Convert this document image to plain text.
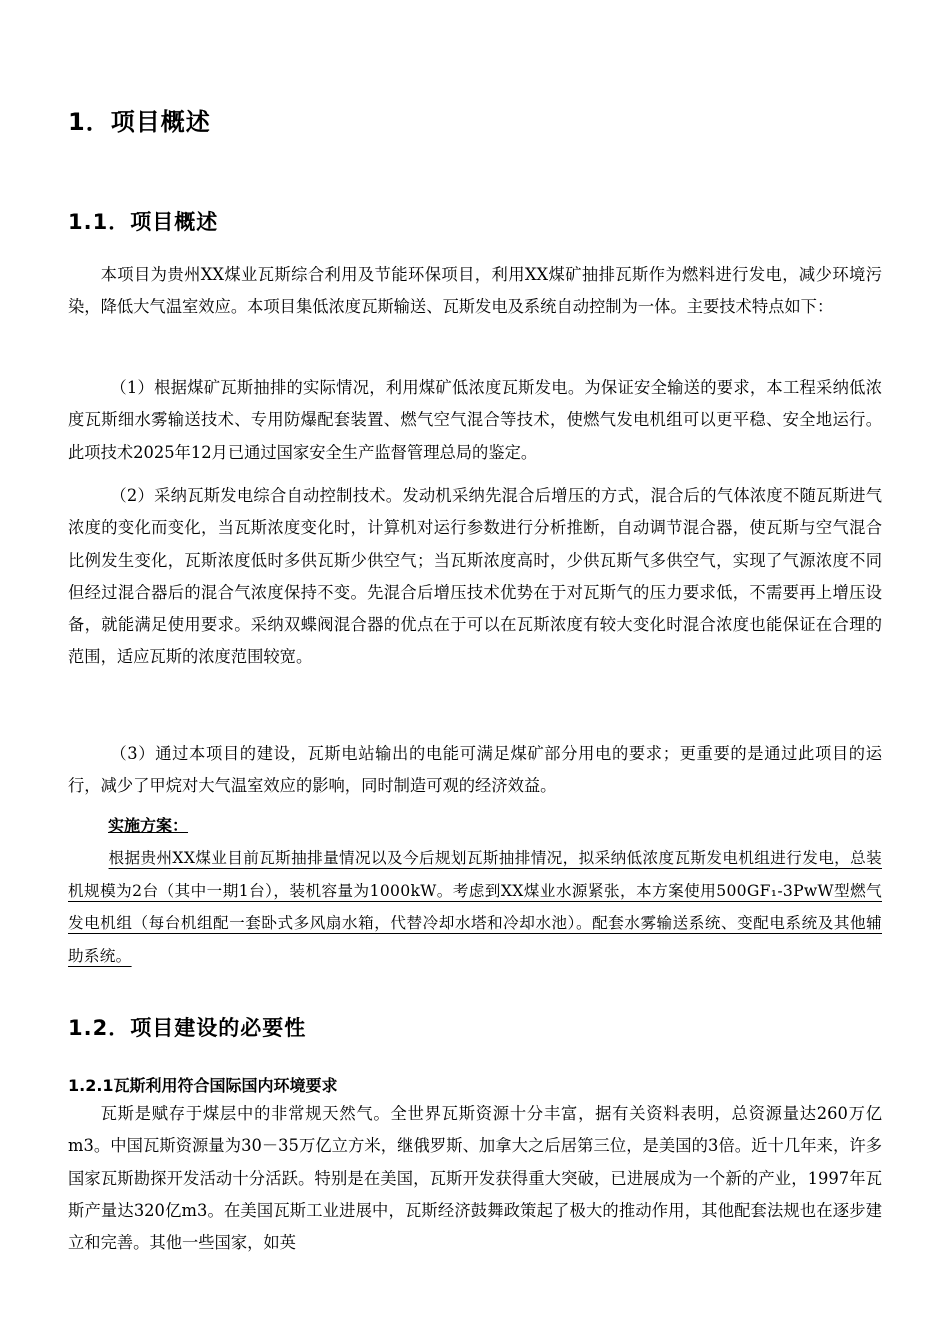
1．项目概述
1.1．项目概述

本项目为贵州XX煤业瓦斯综合利用及节能环保项目，利用XX煤矿抽排瓦斯作为燃料进行发电，减少环境污染，降低大气温室效应。本项目集低浓度瓦斯输送、瓦斯发电及系统自动控制为一体。主要技术特点如下：

（1）根据煤矿瓦斯抽排的实际情况，利用煤矿低浓度瓦斯发电。为保证安全输送的要求，本工程采纳低浓度瓦斯细水雾输送技术、专用防爆配套装置、燃气空气混合等技术，使燃气发电机组可以更平稳、安全地运行。此项技术2025年12月已通过国家安全生产监督管理总局的鉴定。

（2）采纳瓦斯发电综合自动控制技术。发动机采纳先混合后增压的方式，混合后的气体浓度不随瓦斯进气浓度的变化而变化，当瓦斯浓度变化时，计算机对运行参数进行分析推断，自动调节混合器，使瓦斯与空气混合比例发生变化，瓦斯浓度低时多供瓦斯少供空气；当瓦斯浓度高时，少供瓦斯气多供空气，实现了气源浓度不同但经过混合器后的混合气浓度保持不变。先混合后增压技术优势在于对瓦斯气的压力要求低，不需要再上增压设备，就能满足使用要求。采纳双蝶阀混合器的优点在于可以在瓦斯浓度有较大变化时混合浓度也能保证在合理的范围，适应瓦斯的浓度范围较宽。

（3）通过本项目的建设，瓦斯电站输出的电能可满足煤矿部分用电的要求；更重要的是通过此项目的运行，减少了甲烷对大气温室效应的影响，同时制造可观的经济效益。

实施方案：

根据贵州XX煤业目前瓦斯抽排量情况以及今后规划瓦斯抽排情况，拟采纳低浓度瓦斯发电机组进行发电，总装机规模为2台（其中一期1台），装机容量为1000kW。考虑到XX煤业水源紧张，本方案使用500GF₁-3PwW型燃气发电机组（每台机组配一套卧式多风扇水箱，代替冷却水塔和冷却水池）。配套水雾输送系统、变配电系统及其他辅助系统。

1.2．项目建设的必要性
1.2.1瓦斯利用符合国际国内环境要求

瓦斯是赋存于煤层中的非常规天然气。全世界瓦斯资源十分丰富，据有关资料表明，总资源量达260万亿m3。中国瓦斯资源量为30－35万亿立方米，继俄罗斯、加拿大之后居第三位，是美国的3倍。近十几年来，许多国家瓦斯勘探开发活动十分活跃。特别是在美国，瓦斯开发获得重大突破，已进展成为一个新的产业，1997年瓦斯产量达320亿m3。在美国瓦斯工业进展中，瓦斯经济鼓舞政策起了极大的推动作用，其他配套法规也在逐步建立和完善。其他一些国家，如英
